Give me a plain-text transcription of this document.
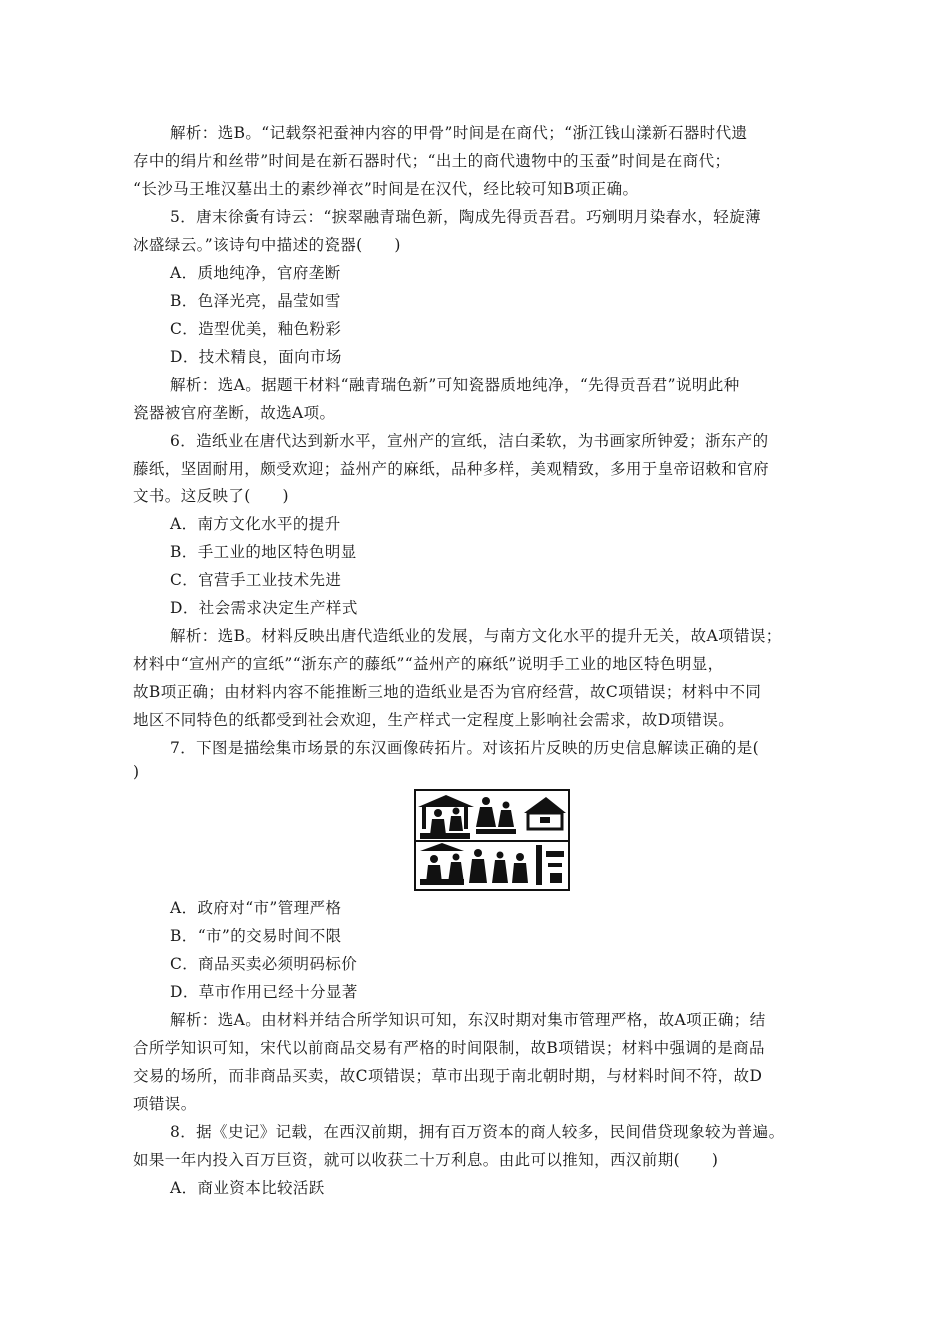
解析：选B。“记载祭祀蚕神内容的甲骨”时间是在商代；“浙江钱山漾新石器时代遗
存中的绢片和丝带”时间是在新石器时代；“出土的商代遗物中的玉蚕”时间是在商代；
“长沙马王堆汉墓出土的素纱禅衣”时间是在汉代，经比较可知B项正确。
5．唐末徐夤有诗云：“捩翠融青瑞色新，陶成先得贡吾君。巧剜明月染春水，轻旋薄
冰盛绿云。”该诗句中描述的瓷器(　　)
A．质地纯净，官府垄断
B．色泽光亮，晶莹如雪
C．造型优美，釉色粉彩
D．技术精良，面向市场
解析：选A。据题干材料“融青瑞色新”可知瓷器质地纯净，“先得贡吾君”说明此种
瓷器被官府垄断，故选A项。
6．造纸业在唐代达到新水平，宣州产的宣纸，洁白柔软，为书画家所钟爱；浙东产的
藤纸，坚固耐用，颇受欢迎；益州产的麻纸，品种多样，美观精致，多用于皇帝诏敕和官府
文书。这反映了(　　)
A．南方文化水平的提升
B．手工业的地区特色明显
C．官营手工业技术先进
D．社会需求决定生产样式
解析：选B。材料反映出唐代造纸业的发展，与南方文化水平的提升无关，故A项错误；
材料中“宣州产的宣纸”“浙东产的藤纸”“益州产的麻纸”说明手工业的地区特色明显，
故B项正确；由材料内容不能推断三地的造纸业是否为官府经营，故C项错误；材料中不同
地区不同特色的纸都受到社会欢迎，生产样式一定程度上影响社会需求，故D项错误。
7．下图是描绘集市场景的东汉画像砖拓片。对该拓片反映的历史信息解读正确的是(
)
A．政府对“市”管理严格
B．“市”的交易时间不限
C．商品买卖必须明码标价
D．草市作用已经十分显著
解析：选A。由材料并结合所学知识可知，东汉时期对集市管理严格，故A项正确；结
合所学知识可知，宋代以前商品交易有严格的时间限制，故B项错误；材料中强调的是商品
交易的场所，而非商品买卖，故C项错误；草市出现于南北朝时期，与材料时间不符，故D
项错误。
8．据《史记》记载，在西汉前期，拥有百万资本的商人较多，民间借贷现象较为普遍。
如果一年内投入百万巨资，就可以收获二十万利息。由此可以推知，西汉前期(　　)
A．商业资本比较活跃
